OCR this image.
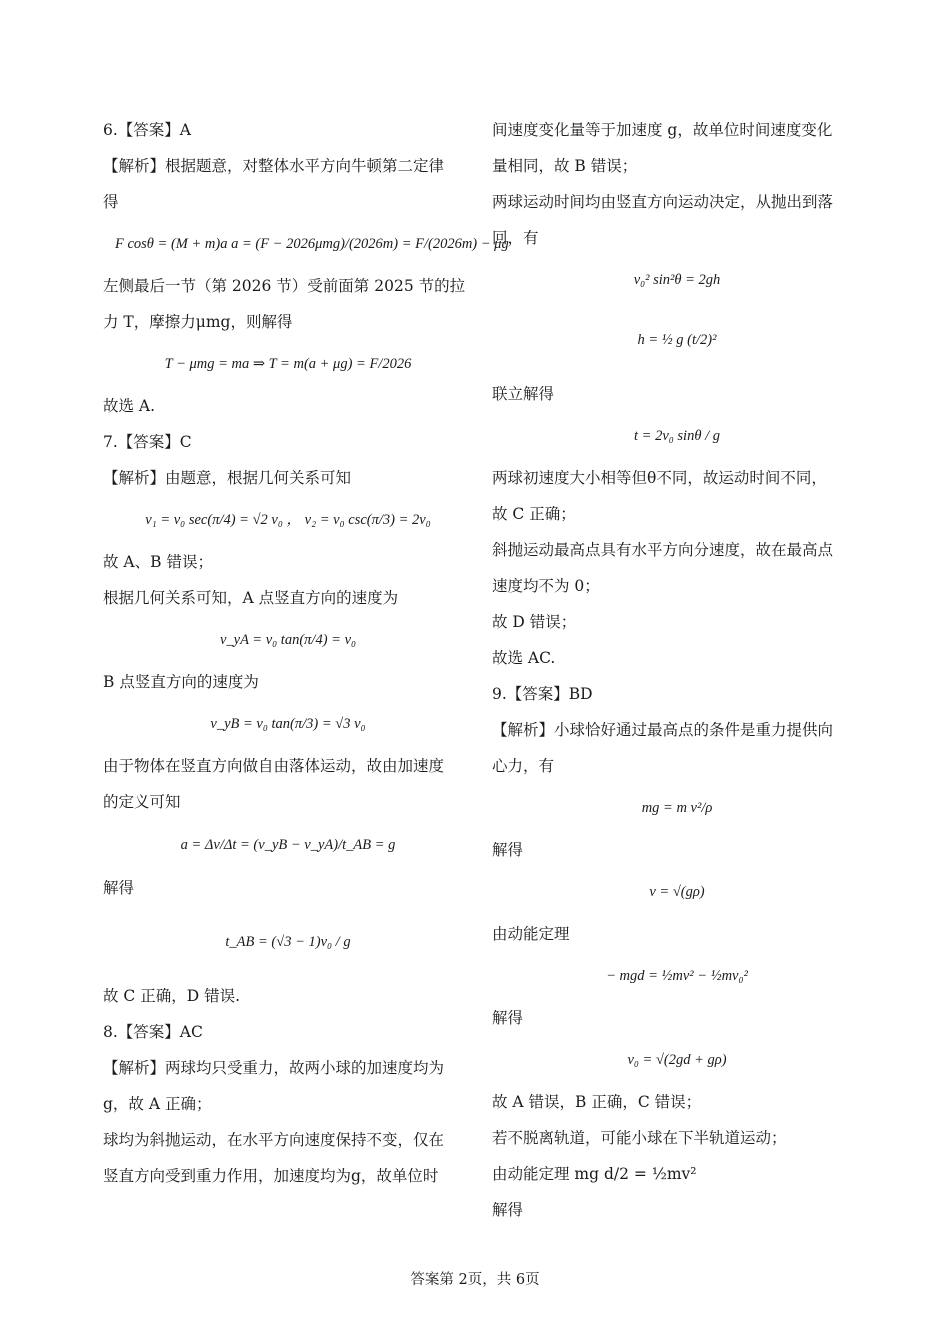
6.【答案】A

【解析】根据题意，对整体水平方向牛顿第二定律

得

F cosθ = (M + m)a a = (F − 2026μmg)/(2026m) = F/(2026m) − μg

左侧最后一节（第 2026 节）受前面第 2025 节的拉

力 T，摩擦力μmg，则解得

T − μmg = ma ⇒ T = m(a + μg) = F/2026

故选 A.

7.【答案】C

【解析】由题意，根据几何关系可知

v₁ = v₀ sec(π/4) = √2 v₀ ， v₂ = v₀ csc(π/3) = 2v₀

故 A、B 错误；

根据几何关系可知，A 点竖直方向的速度为

v_yA = v₀ tan(π/4) = v₀

B 点竖直方向的速度为

v_yB = v₀ tan(π/3) = √3 v₀

由于物体在竖直方向做自由落体运动，故由加速度

的定义可知

a = Δv/Δt = (v_yB − v_yA)/t_AB = g

解得

t_AB = (√3 − 1)v₀ / g

故 C 正确，D 错误.

8.【答案】AC

【解析】两球均只受重力，故两小球的加速度均为

g，故 A 正确；

球均为斜抛运动，在水平方向速度保持不变，仅在

竖直方向受到重力作用，加速度均为g，故单位时

间速度变化量等于加速度 g，故单位时间速度变化

量相同，故 B 错误；

两球运动时间均由竖直方向运动决定，从抛出到落

回，有

v₀² sin²θ = 2gh

h = ½ g (t/2)²

联立解得

t = 2v₀ sinθ / g

两球初速度大小相等但θ不同，故运动时间不同，

故 C 正确；

斜抛运动最高点具有水平方向分速度，故在最高点

速度均不为 0；

故 D 错误；

故选 AC.

9.【答案】BD

【解析】小球恰好通过最高点的条件是重力提供向

心力，有

mg = m v²/ρ

解得

v = √(gρ)

由动能定理

− mgd = ½mv² − ½mv₀²

解得

v₀ = √(2gd + gρ)

故 A 错误，B 正确，C 错误；

若不脱离轨道，可能小球在下半轨道运动；

由动能定理 mg d/2 = ½mv²

解得

答案第 2页，共 6页
